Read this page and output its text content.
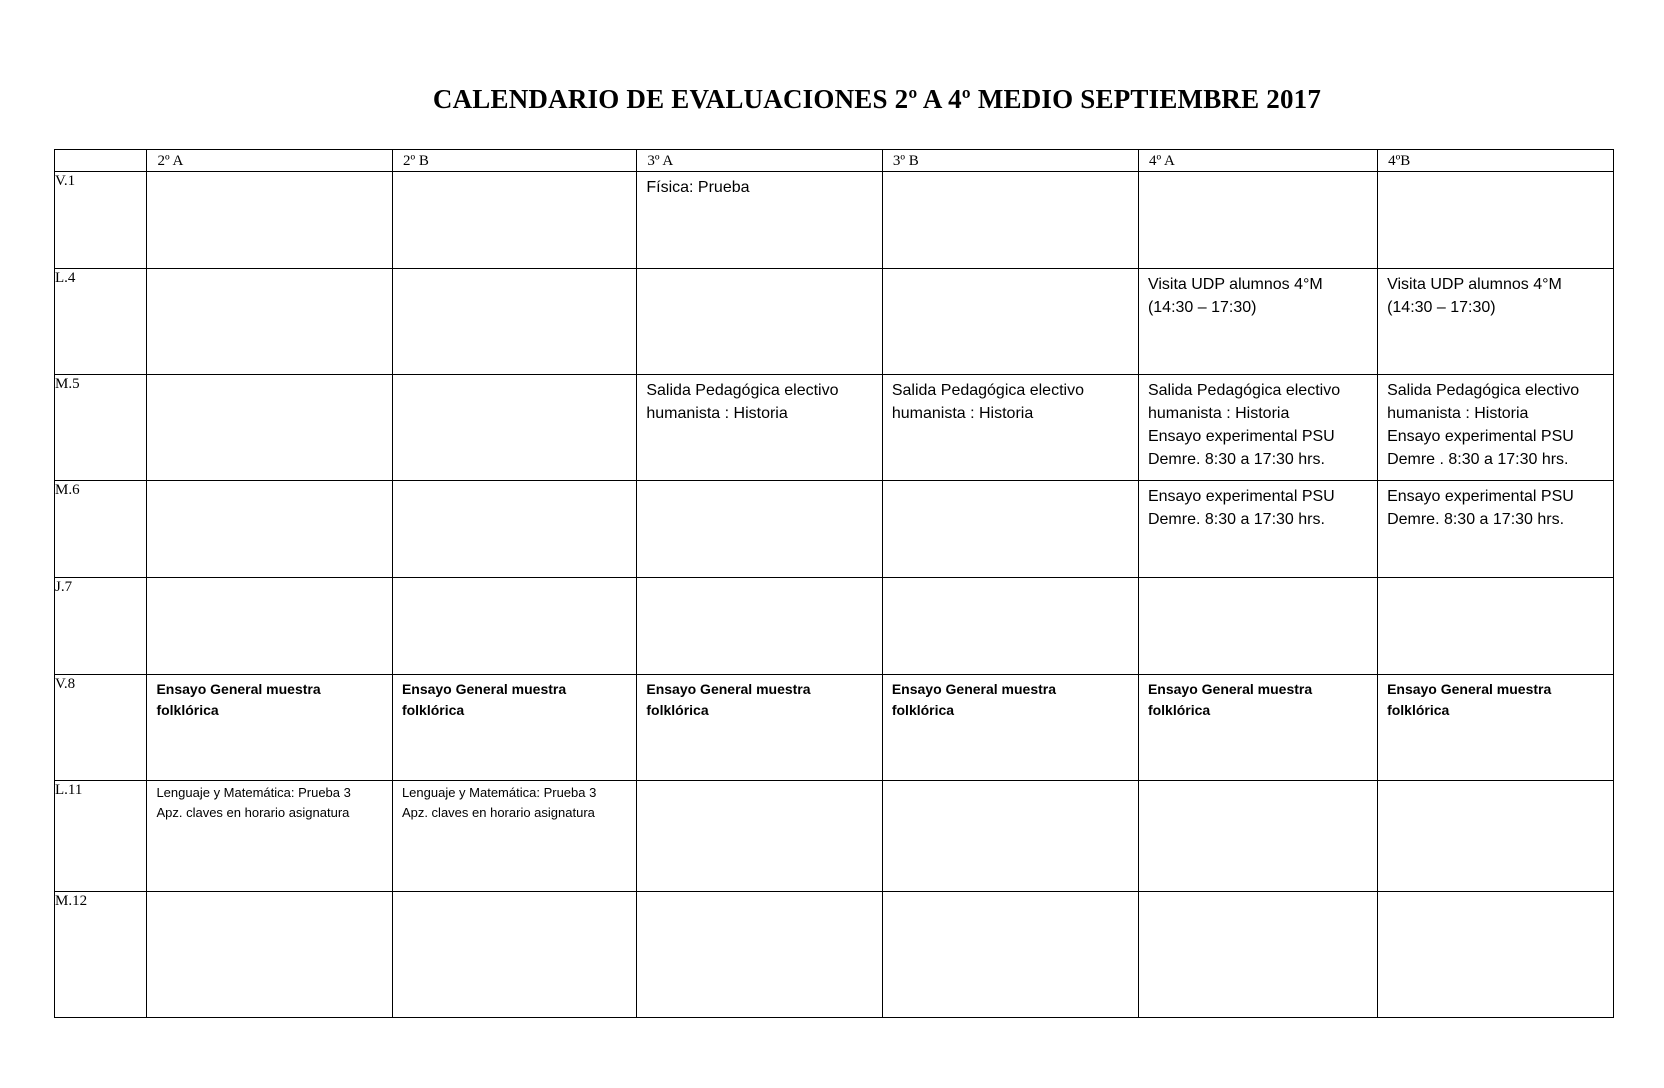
CALENDARIO DE EVALUACIONES 2º A 4º MEDIO SEPTIEMBRE 2017
	2º A	2º B	3º A	3º B	4º A	4ºB
V.1			Física: Prueba			

L.4					Visita UDP alumnos 4°M
(14:30 – 17:30)	Visita UDP alumnos 4°M
(14:30 – 17:30)

M.5			Salida Pedagógica electivo
humanista : Historia	Salida Pedagógica electivo
humanista : Historia	Salida Pedagógica electivo
humanista : Historia
Ensayo experimental PSU
Demre. 8:30 a 17:30 hrs.	Salida Pedagógica electivo
humanista : Historia
Ensayo experimental PSU
Demre . 8:30 a 17:30 hrs.

M.6					Ensayo experimental PSU
Demre. 8:30 a 17:30 hrs.	Ensayo experimental PSU
Demre. 8:30 a 17:30 hrs.

J.7						
V.8	Ensayo General muestra
folklórica	Ensayo General muestra
folklórica	Ensayo General muestra
folklórica	Ensayo General muestra
folklórica	Ensayo General muestra
folklórica	Ensayo General muestra
folklórica

L.11	Lenguaje y Matemática: Prueba 3
Apz. claves en horario asignatura	Lenguaje y Matemática: Prueba 3
Apz. claves en horario asignatura				

M.12						
